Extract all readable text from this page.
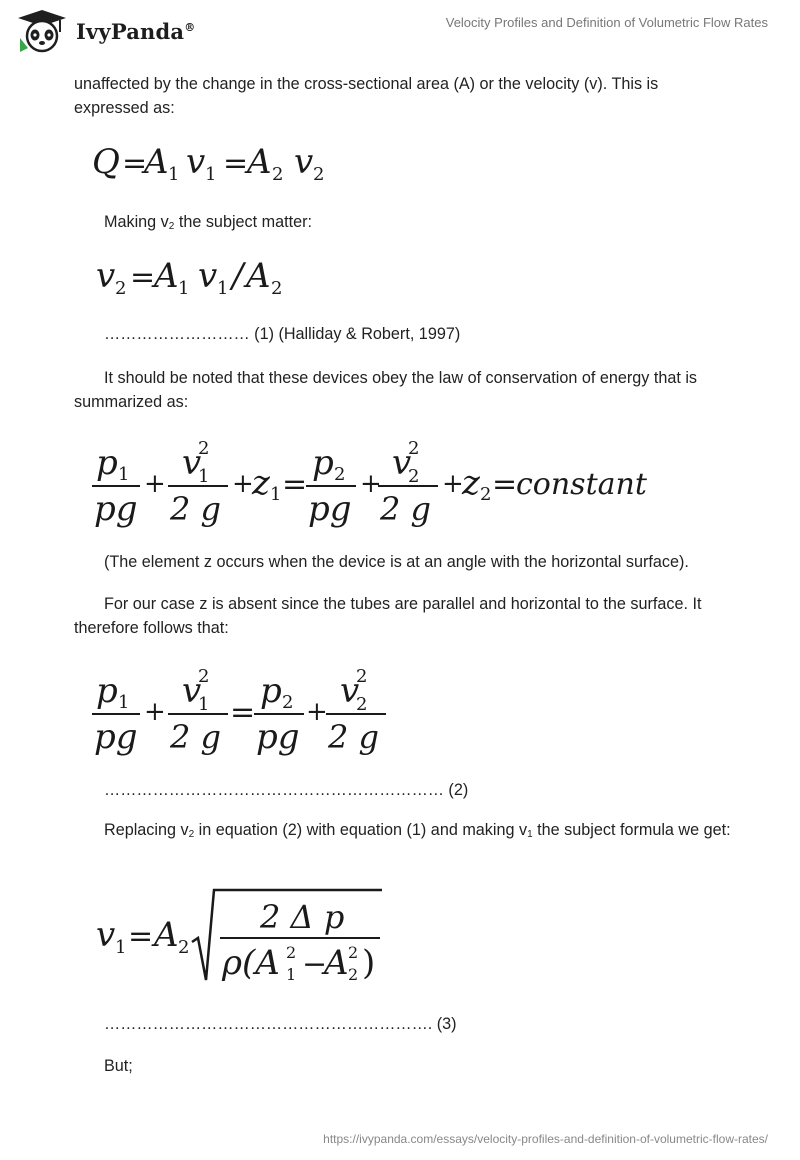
IvyPanda®	Velocity Profiles and Definition of Volumetric Flow Rates
unaffected by the change in the cross-sectional area (A) or the velocity (v). This is expressed as:
Q =
A 1 v 1 =
A 2 v 2
Making $v_2$ the subject matter:
v 2 =
A 1 v 1 / A 2
……………………… (1) (Halliday & Robert, 1997)
It should be noted that these devices obey the law of conservation of energy that is summarized as:
p 1
pg
+
v
2
1
2 g
+
z 1 =
p 2
pg
+
v
2
2
2 g
+
z 2 =
constant
(The element z occurs when the device is at an angle with the horizontal surface).
For our case z is absent since the tubes are parallel and horizontal to the surface. It therefore follows that:
p 1
pg
+
v
2
1
2 g
=
p 2
pg
+
v
2
2
2 g
……………………………………………………… (2)
Replacing $v_2$ in equation (2) with equation (1) and making $v_1$ the subject formula we get:
v 1 = A 2
2 Δ p
ρ(A 2
1 −
A 2
2 )
……………………………………………………. (3)
But;
https://ivypanda.com/essays/velocity-profiles-and-definition-of-volumetric-flow-rates/
